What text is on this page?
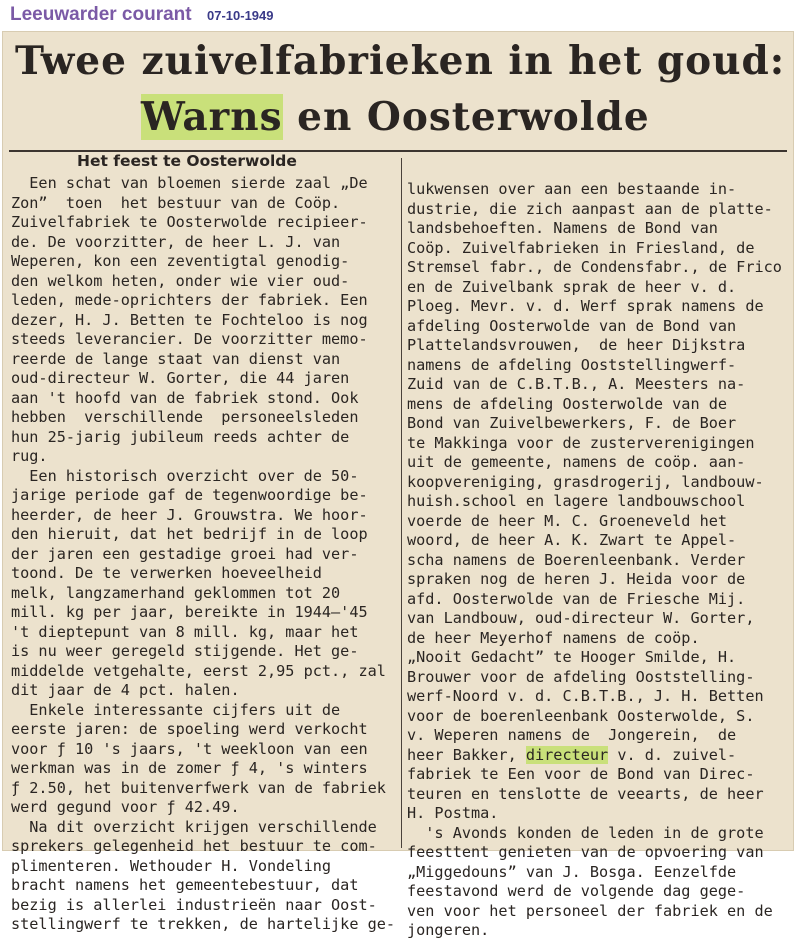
Leeuwarder courant 07-10-1949
Twee zuivelfabrieken in het goud:
Warns en Oosterwolde
Het feest te Oosterwolde
Een schat van bloemen sierde zaal „De
Zon”  toen  het bestuur van de Coöp.
Zuivelfabriek te Oosterwolde recipieer-
de. De voorzitter, de heer L. J. van
Weperen, kon een zeventigtal genodig-
den welkom heten, onder wie vier oud-
leden, mede-oprichters der fabriek. Een
dezer, H. J. Betten te Fochteloo is nog
steeds leverancier. De voorzitter memo-
reerde de lange staat van dienst van
oud-directeur W. Gorter, die 44 jaren
aan 't hoofd van de fabriek stond. Ook
hebben  verschillende  personeelsleden
hun 25-jarig jubileum reeds achter de
rug.
Een historisch overzicht over de 50-
jarige periode gaf de tegenwoordige be-
heerder, de heer J. Grouwstra. We hoor-
den hieruit, dat het bedrijf in de loop
der jaren een gestadige groei had ver-
toond. De te verwerken hoeveelheid
melk, langzamerhand geklommen tot 20
mill. kg per jaar, bereikte in 1944—'45
't dieptepunt van 8 mill. kg, maar het
is nu weer geregeld stijgende. Het ge-
middelde vetgehalte, eerst 2,95 pct., zal
dit jaar de 4 pct. halen.
Enkele interessante cijfers uit de
eerste jaren: de spoeling werd verkocht
voor ƒ 10 's jaars, 't weekloon van een
werkman was in de zomer ƒ 4, 's winters
ƒ 2.50, het buitenverfwerk van de fabriek
werd gegund voor ƒ 42.49.
Na dit overzicht krijgen verschillende
sprekers gelegenheid het bestuur te com-
plimenteren. Wethouder H. Vondeling
bracht namens het gemeentebestuur, dat
bezig is allerlei industrieën naar Oost-
stellingwerf te trekken, de hartelijke ge-
lukwensen over aan een bestaande in-
dustrie, die zich aanpast aan de platte-
landsbehoeften. Namens de Bond van
Coöp. Zuivelfabrieken in Friesland, de
Stremsel fabr., de Condensfabr., de Frico
en de Zuivelbank sprak de heer v. d.
Ploeg. Mevr. v. d. Werf sprak namens de
afdeling Oosterwolde van de Bond van
Plattelandsvrouwen,  de heer Dijkstra
namens de afdeling Ooststellingwerf-
Zuid van de C.B.T.B., A. Meesters na-
mens de afdeling Oosterwolde van de
Bond van Zuivelbewerkers, F. de Boer
te Makkinga voor de zusterverenigingen
uit de gemeente, namens de coöp. aan-
koopvereniging, grasdrogerij, landbouw-
huish.school en lagere landbouwschool
voerde de heer M. C. Groeneveld het
woord, de heer A. K. Zwart te Appel-
scha namens de Boerenleenbank. Verder
spraken nog de heren J. Heida voor de
afd. Oosterwolde van de Friesche Mij.
van Landbouw, oud-directeur W. Gorter,
de heer Meyerhof namens de coöp.
„Nooit Gedacht” te Hooger Smilde, H.
Brouwer voor de afdeling Ooststelling-
werf-Noord v. d. C.B.T.B., J. H. Betten
voor de boerenleenbank Oosterwolde, S.
v. Weperen namens de  Jongerein,  de
heer Bakker, directeur v. d. zuivel-
fabriek te Een voor de Bond van Direc-
teuren en tenslotte de veearts, de heer
H. Postma.
's Avonds konden de leden in de grote
feesttent genieten van de opvoering van
„Miggedouns” van J. Bosga. Eenzelfde
feestavond werd de volgende dag gege-
ven voor het personeel der fabriek en de
jongeren.
